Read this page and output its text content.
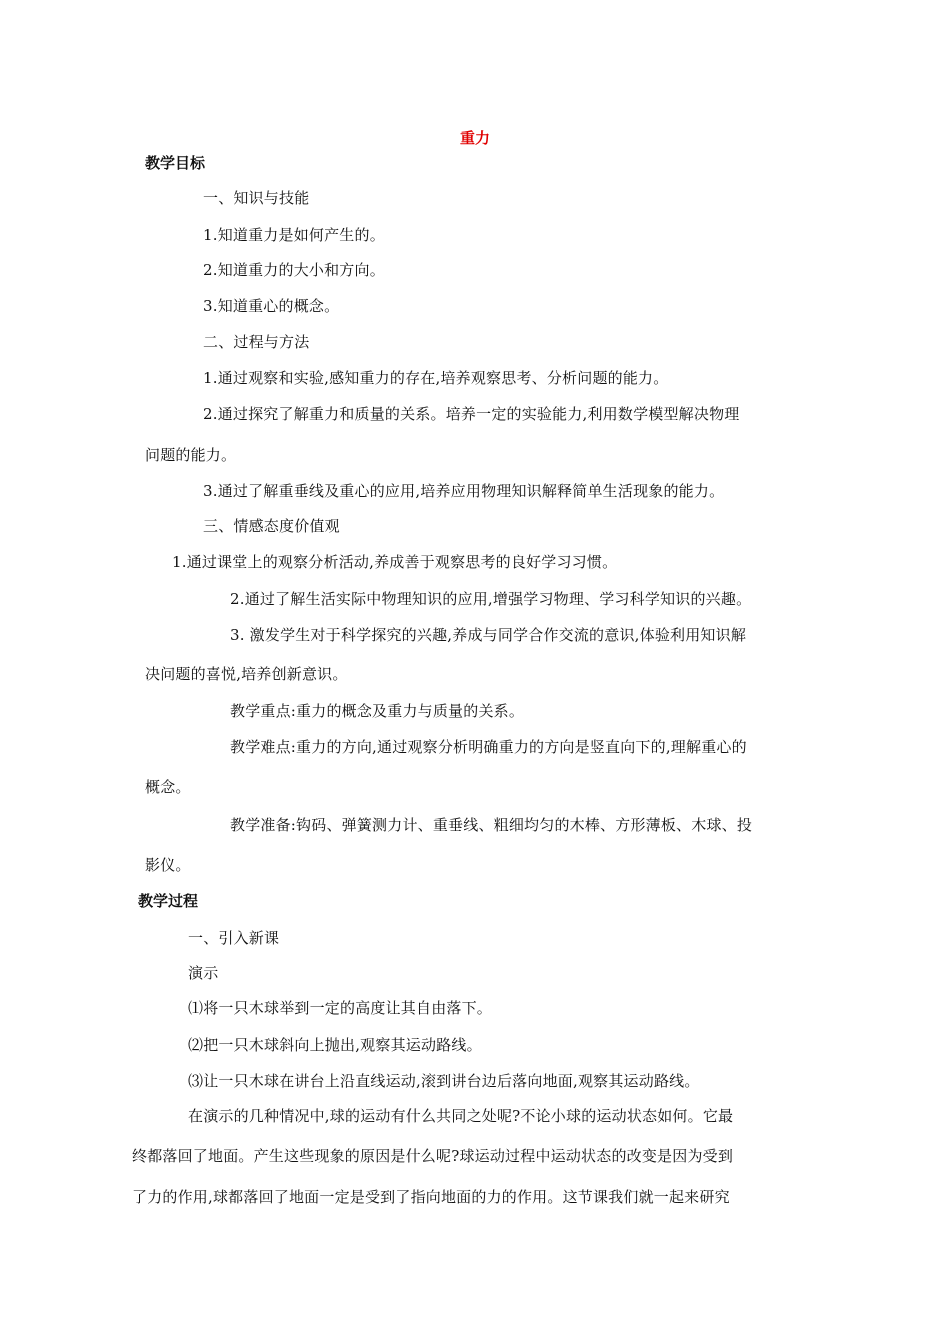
重力
教学目标
一、知识与技能
1.知道重力是如何产生的。
2.知道重力的大小和方向。
3.知道重心的概念。
二、过程与方法
1.通过观察和实验,感知重力的存在,培养观察思考、分析问题的能力。
2.通过探究了解重力和质量的关系。培养一定的实验能力,利用数学模型解决物理
问题的能力。
3.通过了解重垂线及重心的应用,培养应用物理知识解释简单生活现象的能力。
三、情感态度价值观
1.通过课堂上的观察分析活动,养成善于观察思考的良好学习习惯。
2.通过了解生活实际中物理知识的应用,增强学习物理、学习科学知识的兴趣。
3. 激发学生对于科学探究的兴趣,养成与同学合作交流的意识,体验利用知识解
决问题的喜悦,培养创新意识。
教学重点:重力的概念及重力与质量的关系。
教学难点:重力的方向,通过观察分析明确重力的方向是竖直向下的,理解重心的
概念。
教学准备:钩码、弹簧测力计、重垂线、粗细均匀的木棒、方形薄板、木球、投
影仪。
教学过程
一、引入新课
演示
⑴将一只木球举到一定的高度让其自由落下。
⑵把一只木球斜向上抛出,观察其运动路线。
⑶让一只木球在讲台上沿直线运动,滚到讲台边后落向地面,观察其运动路线。
在演示的几种情况中,球的运动有什么共同之处呢?不论小球的运动状态如何。它最
终都落回了地面。产生这些现象的原因是什么呢?球运动过程中运动状态的改变是因为受到
了力的作用,球都落回了地面一定是受到了指向地面的力的作用。这节课我们就一起来研究
